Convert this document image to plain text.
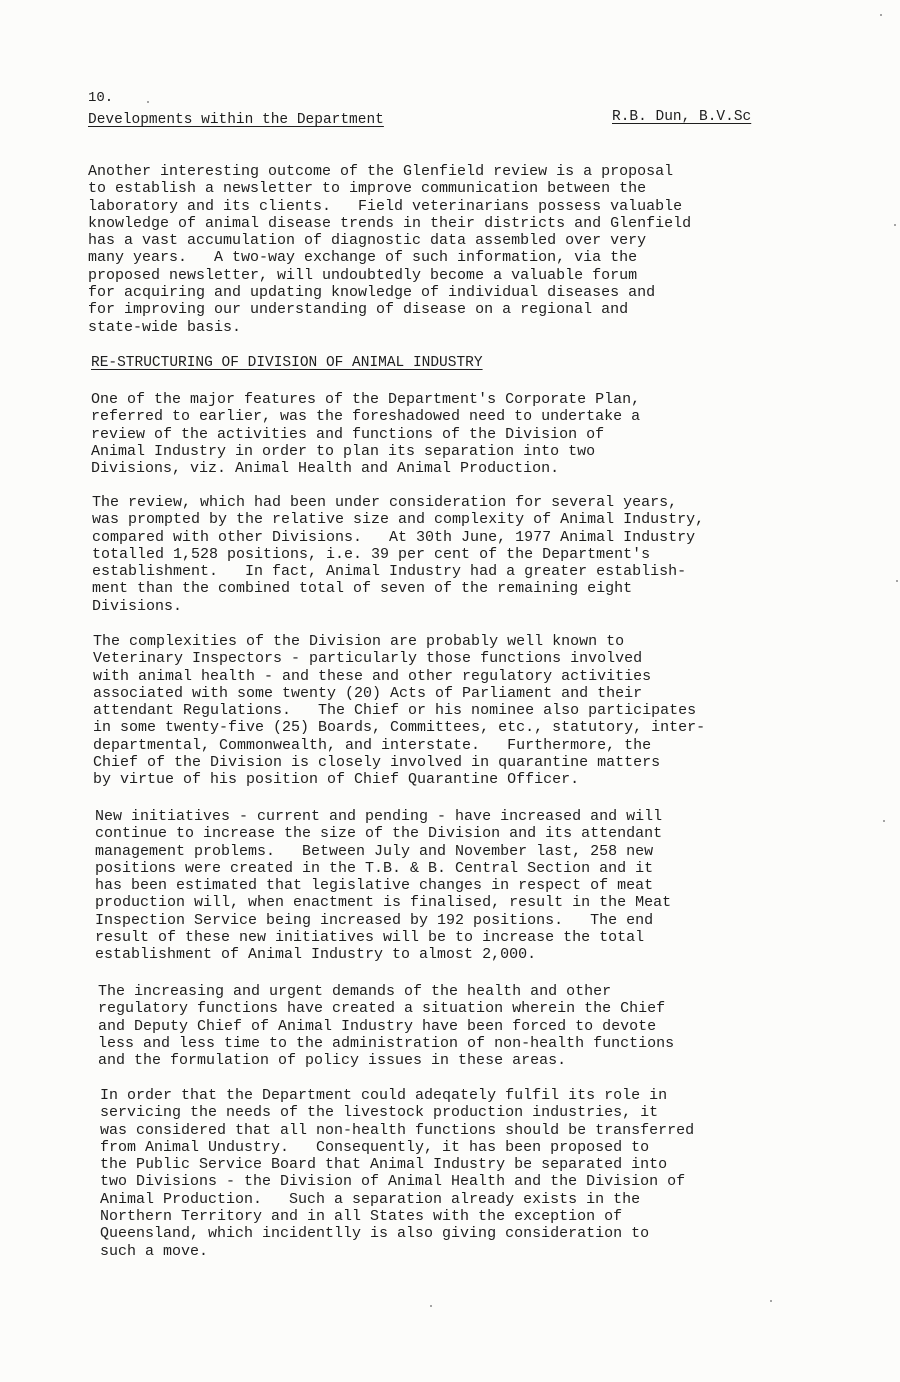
10.
Developments within the Department	R.B. Dun, B.V.Sc

Another interesting outcome of the Glenfield review is a proposal
to establish a newsletter to improve communication between the
laboratory and its clients.   Field veterinarians possess valuable
knowledge of animal disease trends in their districts and Glenfield
has a vast accumulation of diagnostic data assembled over very
many years.   A two-way exchange of such information, via the
proposed newsletter, will undoubtedly become a valuable forum
for acquiring and updating knowledge of individual diseases and
for improving our understanding of disease on a regional and
state-wide basis.

RE-STRUCTURING OF DIVISION OF ANIMAL INDUSTRY

One of the major features of the Department's Corporate Plan,
referred to earlier, was the foreshadowed need to undertake a
review of the activities and functions of the Division of
Animal Industry in order to plan its separation into two
Divisions, viz. Animal Health and Animal Production.

The review, which had been under consideration for several years,
was prompted by the relative size and complexity of Animal Industry,
compared with other Divisions.   At 30th June, 1977 Animal Industry
totalled 1,528 positions, i.e. 39 per cent of the Department's
establishment.   In fact, Animal Industry had a greater establish-
ment than the combined total of seven of the remaining eight
Divisions.

The complexities of the Division are probably well known to
Veterinary Inspectors - particularly those functions involved
with animal health - and these and other regulatory activities
associated with some twenty (20) Acts of Parliament and their
attendant Regulations.   The Chief or his nominee also participates
in some twenty-five (25) Boards, Committees, etc., statutory, inter-
departmental, Commonwealth, and interstate.   Furthermore, the
Chief of the Division is closely involved in quarantine matters
by virtue of his position of Chief Quarantine Officer.

New initiatives - current and pending - have increased and will
continue to increase the size of the Division and its attendant
management problems.   Between July and November last, 258 new
positions were created in the T.B. & B. Central Section and it
has been estimated that legislative changes in respect of meat
production will, when enactment is finalised, result in the Meat
Inspection Service being increased by 192 positions.   The end
result of these new initiatives will be to increase the total
establishment of Animal Industry to almost 2,000.

The increasing and urgent demands of the health and other
regulatory functions have created a situation wherein the Chief
and Deputy Chief of Animal Industry have been forced to devote
less and less time to the administration of non-health functions
and the formulation of policy issues in these areas.

In order that the Department could adeqately fulfil its role in
servicing the needs of the livestock production industries, it
was considered that all non-health functions should be transferred
from Animal Undustry.   Consequently, it has been proposed to
the Public Service Board that Animal Industry be separated into
two Divisions - the Division of Animal Health and the Division of
Animal Production.   Such a separation already exists in the
Northern Territory and in all States with the exception of
Queensland, which incidentlly is also giving consideration to
such a move.
